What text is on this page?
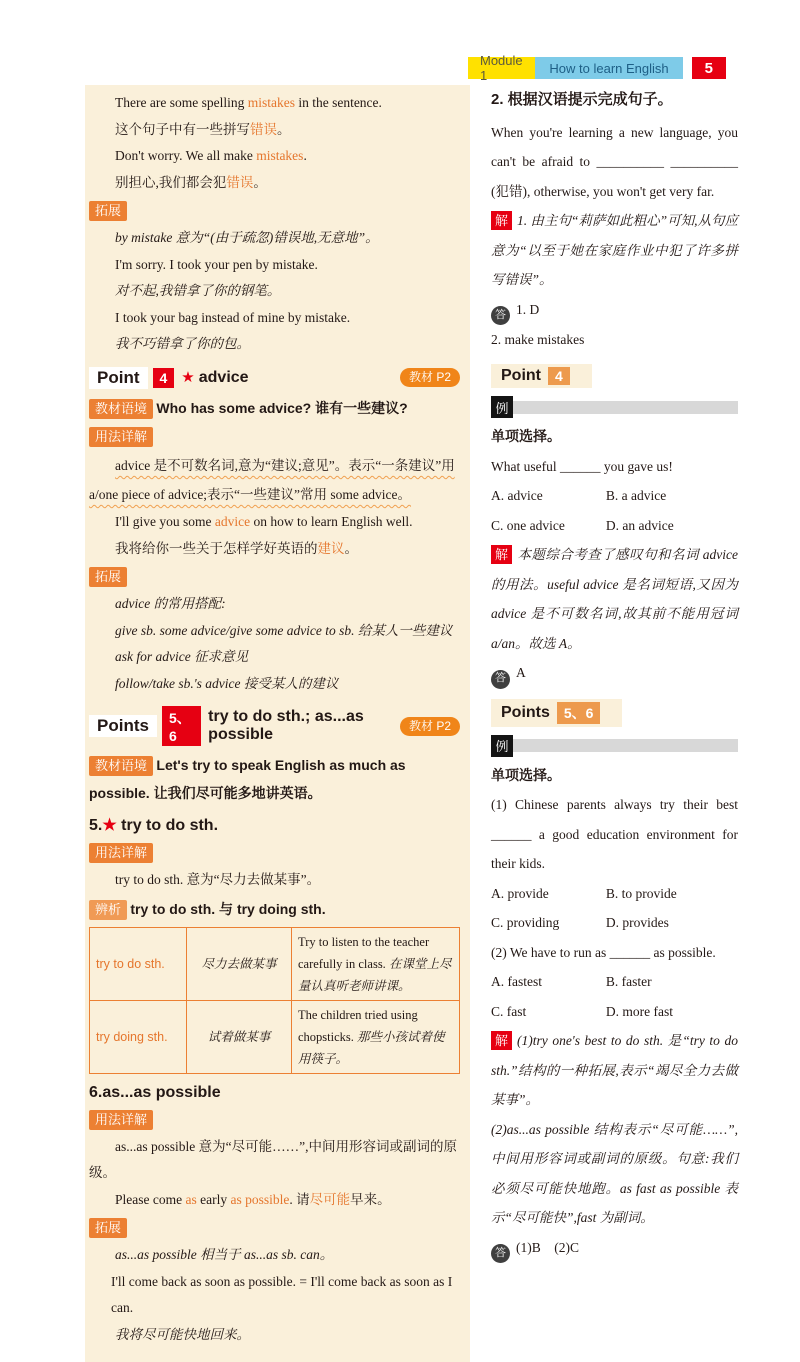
Module 1	How to learn English	5

There are some spelling mistakes in the sentence.

这个句子中有一些拼写错误。

Don't worry. We all make mistakes.

别担心,我们都会犯错误。

拓展

by mistake 意为“(由于疏忽)错误地,无意地”。

I'm sorry. I took your pen by mistake.

对不起,我错拿了你的钢笔。

I took your bag instead of mine by mistake.

我不巧错拿了你的包。

Point	4 ★ advice	教材 P2

教材语境 Who has some advice? 谁有一些建议?

用法详解

advice 是不可数名词,意为“建议;意见”。表示“一条建议”用 a/one piece of advice;表示“一些建议”常用 some advice。

I'll give you some advice on how to learn English well.

我将给你一些关于怎样学好英语的建议。

拓展

advice 的常用搭配:

give sb. some advice/give some advice to sb. 给某人一些建议

ask for advice 征求意见

follow/take sb.'s advice 接受某人的建议

Points	5、6
try to do sth.; as...as possible
教材 P2

教材语境 Let's try to speak English as much as possible. 让我们尽可能多地讲英语。

5.★ try to do sth.

用法详解

try to do sth. 意为“尽力去做某事”。

辨析 try to do sth. 与 try doing sth.

try to do sth.	尽力去做某事	Try to listen to the teacher carefully in class. 在课堂上尽量认真听老师讲课。
try doing sth.	试着做某事	The children tried using chopsticks. 那些小孩试着使用筷子。

6.as...as possible

用法详解

as...as possible 意为“尽可能……”,中间用形容词或副词的原级。

Please come as early as possible. 请尽可能早来。

拓展

as...as possible 相当于 as...as sb. can。

I'll come back as soon as possible. = I'll come back as soon as I can.

我将尽可能快地回来。

2. 根据汉语提示完成句子。

When you're learning a new language, you can't be afraid to __________ __________ (犯错), otherwise, you won't get very far.

解 1. 由主句“莉萨如此粗心”可知,从句应意为“以至于她在家庭作业中犯了许多拼写错误”。

答 1. D

2. make mistakes

Point	4
例

单项选择。

What useful ______ you gave us!

A. advice	B. a advice
C. one advice	D. an advice

解 本题综合考查了感叹句和名词 advice 的用法。useful advice 是名词短语,又因为 advice 是不可数名词,故其前不能用冠词 a/an。故选 A。

答 A

Points	5、6
例

单项选择。

(1) Chinese parents always try their best ______ a good education environment for their kids.

A. provide	B. to provide
C. providing	D. provides

(2) We have to run as ______ as possible.

A. fastest	B. faster
C. fast	D. more fast

解 (1)try one's best to do sth. 是“try to do sth.”结构的一种拓展,表示“竭尽全力去做某事”。

(2)as...as possible 结构表示“尽可能……”,中间用形容词或副词的原级。句意:我们必须尽可能快地跑。as fast as possible 表示“尽可能快”,fast 为副词。

答 (1)B　(2)C
